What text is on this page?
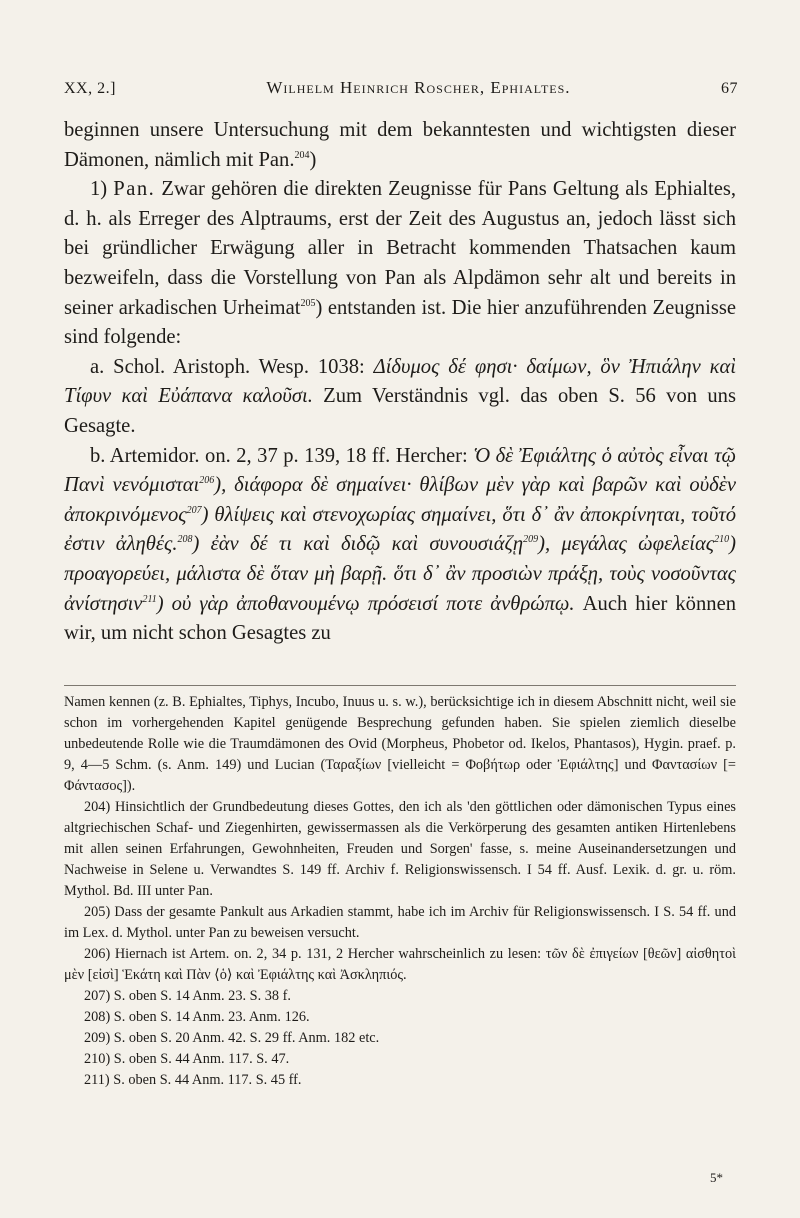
XX, 2.]	Wilhelm Heinrich Roscher, Ephialtes.	67

beginnen unsere Untersuchung mit dem bekanntesten und wichtigsten dieser Dämonen, nämlich mit Pan.$^{204}$)

1) Pan. Zwar gehören die direkten Zeugnisse für Pans Geltung als Ephialtes, d. h. als Erreger des Alptraums, erst der Zeit des Augustus an, jedoch lässt sich bei gründlicher Erwägung aller in Betracht kommenden Thatsachen kaum bezweifeln, dass die Vorstellung von Pan als Alpdämon sehr alt und bereits in seiner arkadischen Urheimat$^{205}$) entstanden ist. Die hier anzuführenden Zeugnisse sind folgende:

a. Schol. Aristoph. Wesp. 1038: Δίδυμος δέ φησι· δαίμων, ὃν Ἠπιάλην καὶ Τίφυν καὶ Εὐάπανα καλοῦσι. Zum Verständnis vgl. das oben S. 56 von uns Gesagte.

b. Artemidor. on. 2, 37 p. 139, 18 ff. Hercher: Ὁ δὲ Ἐφιάλτης ὁ αὐτὸς εἶναι τῷ Πανὶ νενόμισται$^{206}$), διάφορα δὲ σημαίνει· θλίβων μὲν γὰρ καὶ βαρῶν καὶ οὐδὲν ἀποκρινόμενος$^{207}$) θλίψεις καὶ στενοχωρίας σημαίνει, ὅτι δ᾽ ἂν ἀποκρίνηται, τοῦτό ἐστιν ἀληθές.$^{208}$) ἐὰν δέ τι καὶ διδῷ καὶ συνουσιάζῃ$^{209}$), μεγάλας ὠφελείας$^{210}$) προαγορεύει, μάλιστα δὲ ὅταν μὴ βαρῇ. ὅτι δ᾽ ἂν προσιὼν πράξῃ, τοὺς νοσοῦντας ἀνίστησιν$^{211}$) οὐ γὰρ ἀποθανουμένῳ πρόσεισί ποτε ἀνθρώπῳ. Auch hier können wir, um nicht schon Gesagtes zu

Namen kennen (z. B. Ephialtes, Tiphys, Incubo, Inuus u. s. w.), berücksichtige ich in diesem Abschnitt nicht, weil sie schon im vorhergehenden Kapitel genügende Besprechung gefunden haben. Sie spielen ziemlich dieselbe unbedeutende Rolle wie die Traumdämonen des Ovid (Morpheus, Phobetor od. Ikelos, Phantasos), Hygin. praef. p. 9, 4—5 Schm. (s. Anm. 149) und Lucian (Ταραξίων [vielleicht = Φοβήτωρ oder Ἐφιάλτης] und Φαντασίων [= Φάντασος]).

204) Hinsichtlich der Grundbedeutung dieses Gottes, den ich als 'den göttlichen oder dämonischen Typus eines altgriechischen Schaf- und Ziegenhirten, gewissermassen als die Verkörperung des gesamten antiken Hirtenlebens mit allen seinen Erfahrungen, Gewohnheiten, Freuden und Sorgen' fasse, s. meine Auseinandersetzungen und Nachweise in Selene u. Verwandtes S. 149 ff. Archiv f. Religionswissensch. I 54 ff. Ausf. Lexik. d. gr. u. röm. Mythol. Bd. III unter Pan.

205) Dass der gesamte Pankult aus Arkadien stammt, habe ich im Archiv für Religionswissensch. I S. 54 ff. und im Lex. d. Mythol. unter Pan zu beweisen versucht.

206) Hiernach ist Artem. on. 2, 34 p. 131, 2 Hercher wahrscheinlich zu lesen: τῶν δὲ ἐπιγείων [θεῶν] αἰσθητοὶ μὲν [εἰσὶ] Ἑκάτη καὶ Πὰν ⟨ὁ⟩ καὶ Ἐφιάλτης καὶ Ἀσκληπιός.

207) S. oben S. 14 Anm. 23. S. 38 f.

208) S. oben S. 14 Anm. 23. Anm. 126.

209) S. oben S. 20 Anm. 42. S. 29 ff. Anm. 182 etc.

210) S. oben S. 44 Anm. 117. S. 47.

211) S. oben S. 44 Anm. 117. S. 45 ff.

5*
